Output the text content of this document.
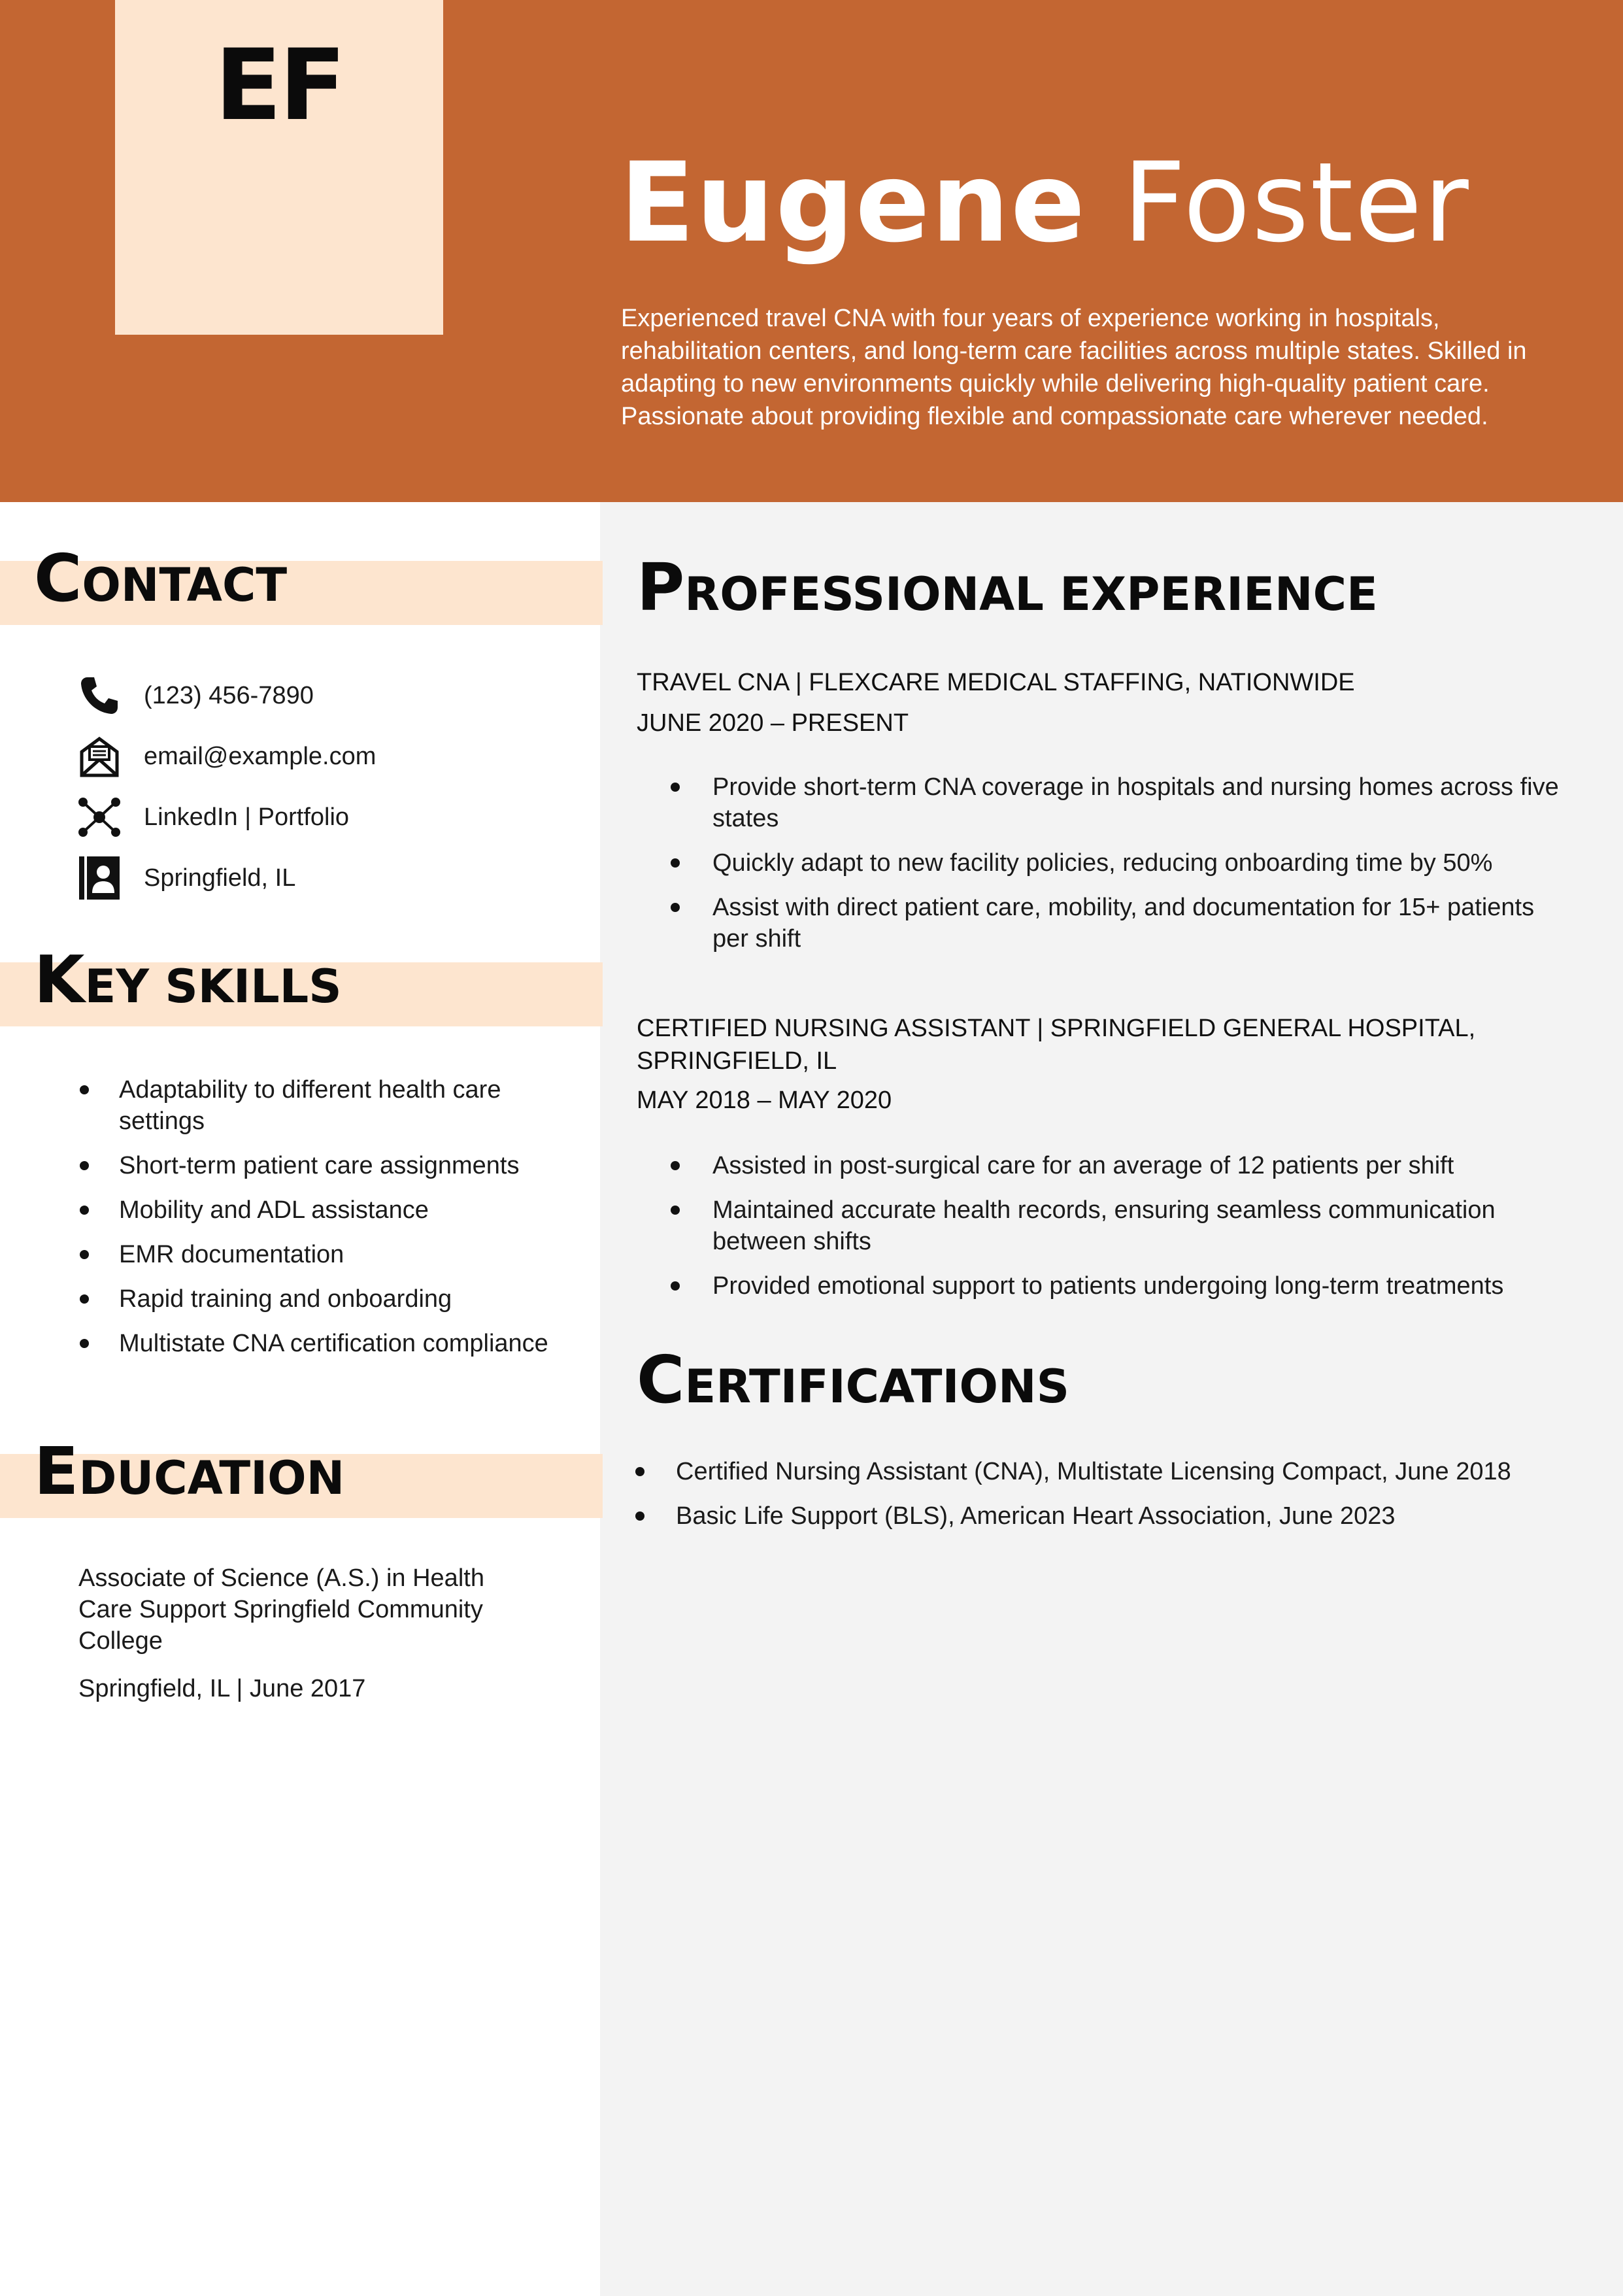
EF
Eugene Foster
Experienced travel CNA with four years of experience working in hospitals, rehabilitation centers, and long-term care facilities across multiple states. Skilled in adapting to new environments quickly while delivering high-quality patient care. Passionate about providing flexible and compassionate care wherever needed.
CONTACT
(123) 456-7890
email@example.com
LinkedIn | Portfolio
Springfield, IL
KEY SKILLS
Adaptability to different health care settings
Short-term patient care assignments
Mobility and ADL assistance
EMR documentation
Rapid training and onboarding
Multistate CNA certification compliance
EDUCATION
Associate of Science (A.S.) in Health Care Support Springfield Community College
Springfield, IL | June 2017
PROFESSIONAL EXPERIENCE
TRAVEL CNA | FLEXCARE MEDICAL STAFFING, NATIONWIDE
JUNE 2020 – PRESENT
Provide short-term CNA coverage in hospitals and nursing homes across five states
Quickly adapt to new facility policies, reducing onboarding time by 50%
Assist with direct patient care, mobility, and documentation for 15+ patients per shift
CERTIFIED NURSING ASSISTANT | SPRINGFIELD GENERAL HOSPITAL, SPRINGFIELD, IL
MAY 2018 – MAY 2020
Assisted in post-surgical care for an average of 12 patients per shift
Maintained accurate health records, ensuring seamless communication between shifts
Provided emotional support to patients undergoing long-term treatments
CERTIFICATIONS
Certified Nursing Assistant (CNA), Multistate Licensing Compact, June 2018
Basic Life Support (BLS), American Heart Association, June 2023
